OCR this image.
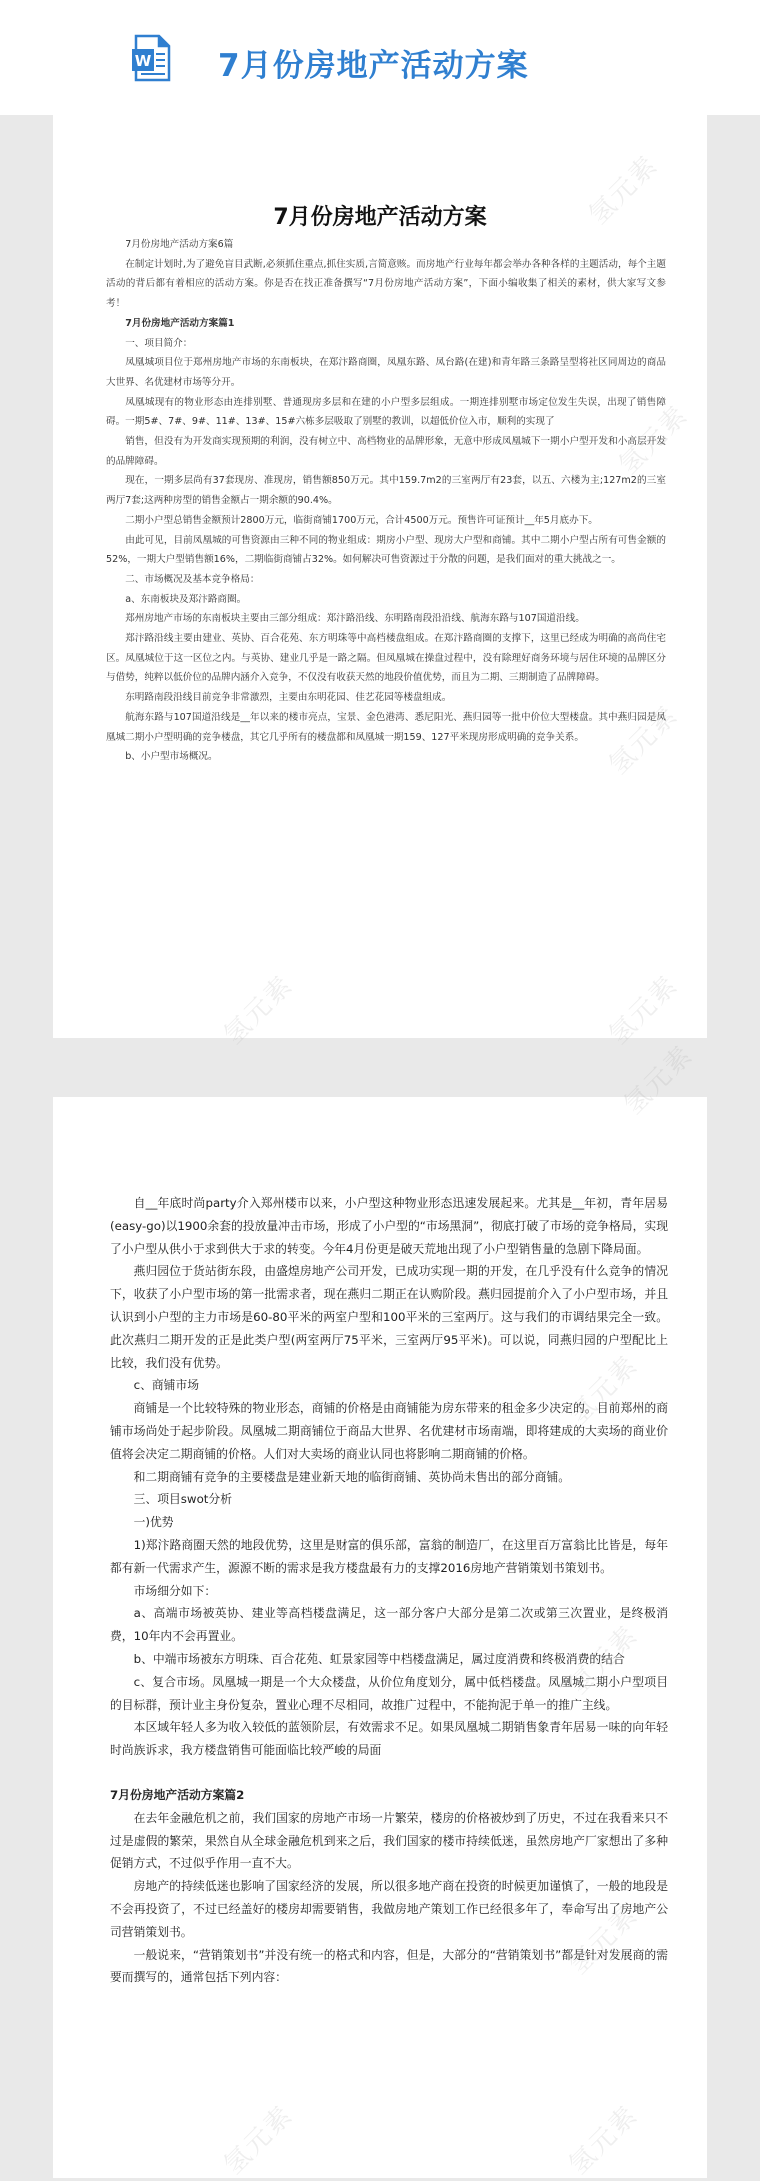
W 7月份房地产活动方案
7月份房地产活动方案

7月份房地产活动方案6篇

在制定计划时,为了避免盲目武断,必须抓住重点,抓住实质,言简意赅。而房地产行业每年都会举办各种各样的主题活动，每个主题活动的背后都有着相应的活动方案。你是否在找正准备撰写“7月份房地产活动方案”，下面小编收集了相关的素材，供大家写文参考！

7月份房地产活动方案篇1

一、项目简介：

凤凰城项目位于郑州房地产市场的东南板块，在郑汴路商圈，凤凰东路、凤台路(在建)和青年路三条路呈型将社区同周边的商品大世界、名优建材市场等分开。

凤凰城现有的物业形态由连排别墅、普通现房多层和在建的小户型多层组成。一期连排别墅市场定位发生失误，出现了销售障碍。一期5#、7#、9#、11#、13#、15#六栋多层吸取了别墅的教训，以超低价位入市，顺利的实现了

销售，但没有为开发商实现预期的利润，没有树立中、高档物业的品牌形象，无意中形成凤凰城下一期小户型开发和小高层开发的品牌障碍。

现在，一期多层尚有37套现房、准现房，销售额850万元。其中159.7m2的三室两厅有23套，以五、六楼为主;127m2的三室两厅7套;这两种房型的销售金额占一期余额的90.4%。

二期小户型总销售金额预计2800万元，临街商铺1700万元，合计4500万元。预售许可证预计__年5月底办下。

由此可见，目前凤凰城的可售资源由三种不同的物业组成：期房小户型、现房大户型和商铺。其中二期小户型占所有可售金额的52%，一期大户型销售额16%，二期临街商铺占32%。如何解决可售资源过于分散的问题，是我们面对的重大挑战之一。

二、市场概况及基本竞争格局：

a、东南板块及郑汴路商圈。

郑州房地产市场的东南板块主要由三部分组成：郑汴路沿线、东明路南段沿沿线、航海东路与107国道沿线。

郑汴路沿线主要由建业、英协、百合花苑、东方明珠等中高档楼盘组成。在郑汴路商圈的支撑下，这里已经成为明确的高尚住宅区。凤凰城位于这一区位之内。与英协、建业几乎是一路之隔。但凤凰城在操盘过程中，没有除理好商务环境与居住环境的品牌区分与借势，纯粹以低价位的品牌内涵介入竞争，不仅没有收获天然的地段价值优势，而且为二期、三期制造了品牌障碍。

东明路南段沿线目前竞争非常激烈，主要由东明花园、佳艺花园等楼盘组成。

航海东路与107国道沿线是__年以来的楼市亮点，宝景、金色港湾、悉尼阳光、燕归园等一批中价位大型楼盘。其中燕归园是凤凰城二期小户型明确的竞争楼盘，其它几乎所有的楼盘都和凤凰城一期159、127平米现房形成明确的竞争关系。

b、小户型市场概况。

自__年底时尚party介入郑州楼市以来，小户型这种物业形态迅速发展起来。尤其是__年初，青年居易(easy-go)以1900余套的投放量冲击市场，形成了小户型的“市场黑洞”，彻底打破了市场的竞争格局，实现了小户型从供小于求到供大于求的转变。今年4月份更是破天荒地出现了小户型销售量的急剧下降局面。

燕归园位于货站街东段，由盛煌房地产公司开发，已成功实现一期的开发，在几乎没有什么竞争的情况下，收获了小户型市场的第一批需求者，现在燕归二期正在认购阶段。燕归园提前介入了小户型市场，并且认识到小户型的主力市场是60-80平米的两室户型和100平米的三室两厅。这与我们的市调结果完全一致。此次燕归二期开发的正是此类户型(两室两厅75平米，三室两厅95平米)。可以说，同燕归园的户型配比上比较，我们没有优势。

c、商铺市场

商铺是一个比较特殊的物业形态，商铺的价格是由商铺能为房东带来的租金多少决定的。目前郑州的商铺市场尚处于起步阶段。凤凰城二期商铺位于商品大世界、名优建材市场南端，即将建成的大卖场的商业价值将会决定二期商铺的价格。人们对大卖场的商业认同也将影响二期商铺的价格。

和二期商铺有竞争的主要楼盘是建业新天地的临街商铺、英协尚未售出的部分商铺。

三、项目swot分析

一)优势

1)郑汴路商圈天然的地段优势，这里是财富的俱乐部，富翁的制造厂，在这里百万富翁比比皆是，每年都有新一代需求产生，源源不断的需求是我方楼盘最有力的支撑2016房地产营销策划书策划书。

市场细分如下：

a、高端市场被英协、建业等高档楼盘满足，这一部分客户大部分是第二次或第三次置业，是终极消费，10年内不会再置业。

b、中端市场被东方明珠、百合花苑、虹景家园等中档楼盘满足，属过度消费和终极消费的结合

c、复合市场。凤凰城一期是一个大众楼盘，从价位角度划分，属中低档楼盘。凤凰城二期小户型项目的目标群，预计业主身份复杂，置业心理不尽相同，故推广过程中，不能拘泥于单一的推广主线。

本区域年轻人多为收入较低的蓝领阶层，有效需求不足。如果凤凰城二期销售象青年居易一味的向年轻时尚族诉求，我方楼盘销售可能面临比较严峻的局面

7月份房地产活动方案篇2

在去年金融危机之前，我们国家的房地产市场一片繁荣，楼房的价格被炒到了历史，不过在我看来只不过是虚假的繁荣，果然自从全球金融危机到来之后，我们国家的楼市持续低迷，虽然房地产厂家想出了多种促销方式，不过似乎作用一直不大。

房地产的持续低迷也影响了国家经济的发展，所以很多地产商在投资的时候更加谨慎了，一般的地段是不会再投资了，不过已经盖好的楼房却需要销售，我做房地产策划工作已经很多年了，奉命写出了房地产公司营销策划书。

一般说来，“营销策划书”并没有统一的格式和内容，但是，大部分的“营销策划书”都是针对发展商的需要而撰写的，通常包括下列内容：
